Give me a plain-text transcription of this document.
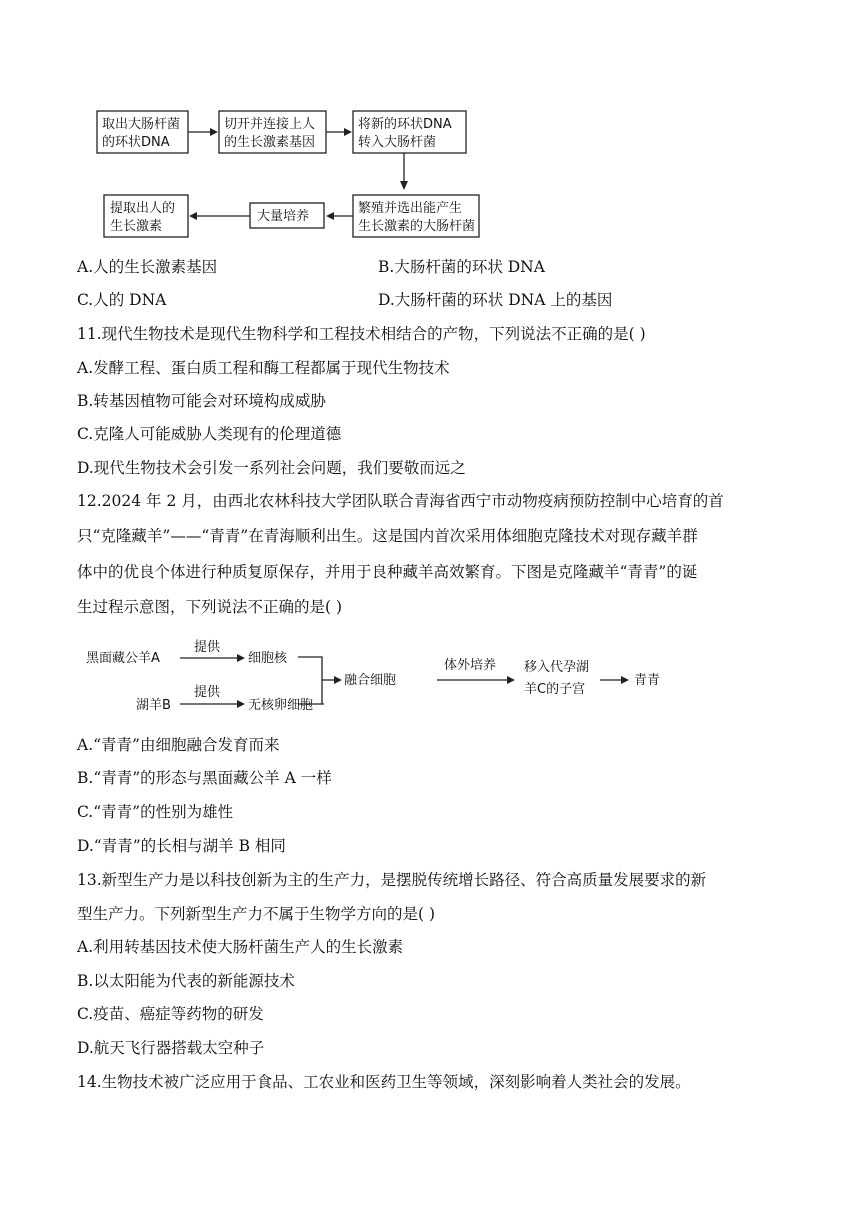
取出大肠杆菌
的环状DNA
切开并连接上人
的生长激素基因
将新的环状DNA
转入大肠杆菌
繁殖并选出能产生
生长激素的大肠杆菌
大量培养
提取出人的
生长激素
A.人的生长激素基因	B.大肠杆菌的环状 DNA
C.人的 DNA	D.大肠杆菌的环状 DNA 上的基因
11.现代生物技术是现代生物科学和工程技术相结合的产物，下列说法不正确的是( )
A.发酵工程、蛋白质工程和酶工程都属于现代生物技术
B.转基因植物可能会对环境构成威胁
C.克隆人可能威胁人类现有的伦理道德
D.现代生物技术会引发一系列社会问题，我们要敬而远之
12.2024 年 2 月，由西北农林科技大学团队联合青海省西宁市动物疫病预防控制中心培育的首
只“克隆藏羊”——“青青”在青海顺利出生。这是国内首次采用体细胞克隆技术对现存藏羊群
体中的优良个体进行种质复原保存，并用于良种藏羊高效繁育。下图是克隆藏羊“青青”的诞
生过程示意图，下列说法不正确的是( )
黑面藏公羊A
提供
细胞核
湖羊B
提供
无核卵细胞
融合细胞
体外培养 移入代孕湖
羊C的子宫
青青
A.“青青”由细胞融合发育而来
B.“青青”的形态与黑面藏公羊 A 一样
C.“青青”的性别为雄性
D.“青青”的长相与湖羊 B 相同
13.新型生产力是以科技创新为主的生产力，是摆脱传统增长路径、符合高质量发展要求的新
型生产力。下列新型生产力不属于生物学方向的是( )
A.利用转基因技术使大肠杆菌生产人的生长激素
B.以太阳能为代表的新能源技术
C.疫苗、癌症等药物的研发
D.航天飞行器搭载太空种子
14.生物技术被广泛应用于食品、工农业和医药卫生等领域，深刻影响着人类社会的发展。
